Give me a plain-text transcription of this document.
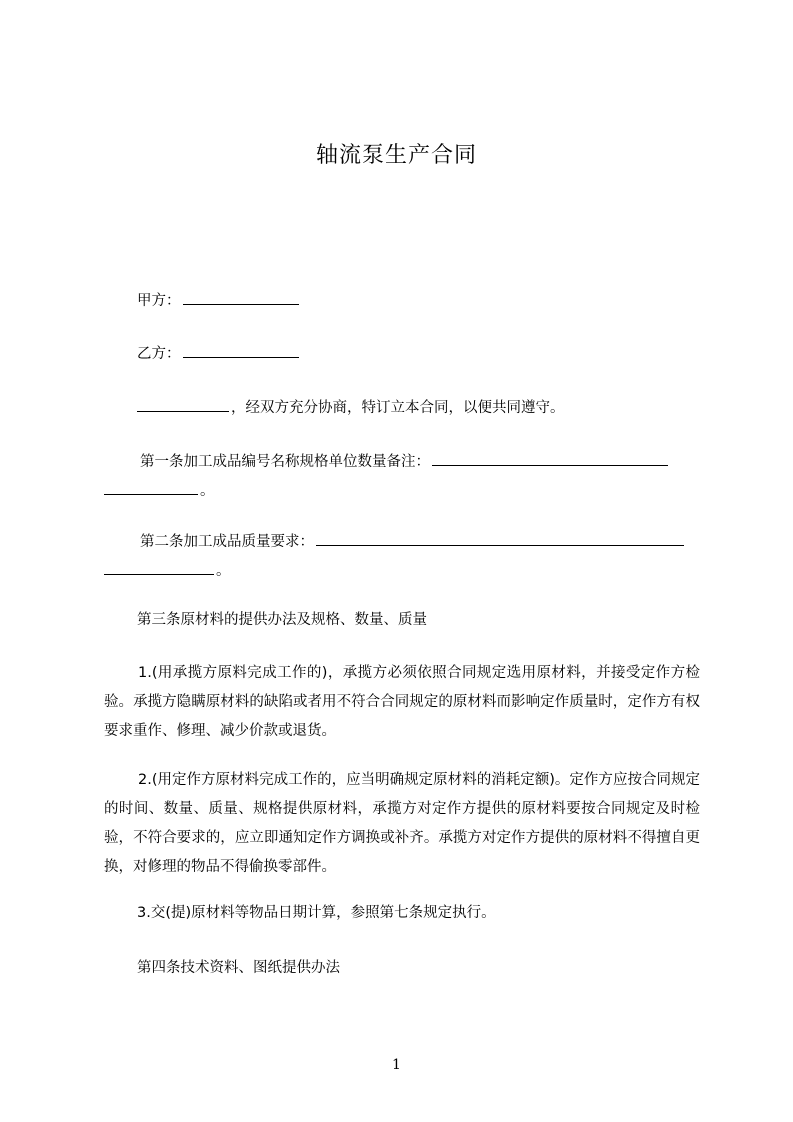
轴流泵生产合同
甲方：
乙方：
，经双方充分协商，特订立本合同，以便共同遵守。
第一条加工成品编号名称规格单位数量备注：
。
第二条加工成品质量要求：
。
第三条原材料的提供办法及规格、数量、质量
1.(用承揽方原料完成工作的)，承揽方必须依照合同规定选用原材料，并接受定作方检验。承揽方隐瞒原材料的缺陷或者用不符合合同规定的原材料而影响定作质量时，定作方有权要求重作、修理、减少价款或退货。
2.(用定作方原材料完成工作的，应当明确规定原材料的消耗定额)。定作方应按合同规定的时间、数量、质量、规格提供原材料，承揽方对定作方提供的原材料要按合同规定及时检验，不符合要求的，应立即通知定作方调换或补齐。承揽方对定作方提供的原材料不得擅自更换，对修理的物品不得偷换零部件。
3.交(提)原材料等物品日期计算，参照第七条规定执行。
第四条技术资料、图纸提供办法
1
